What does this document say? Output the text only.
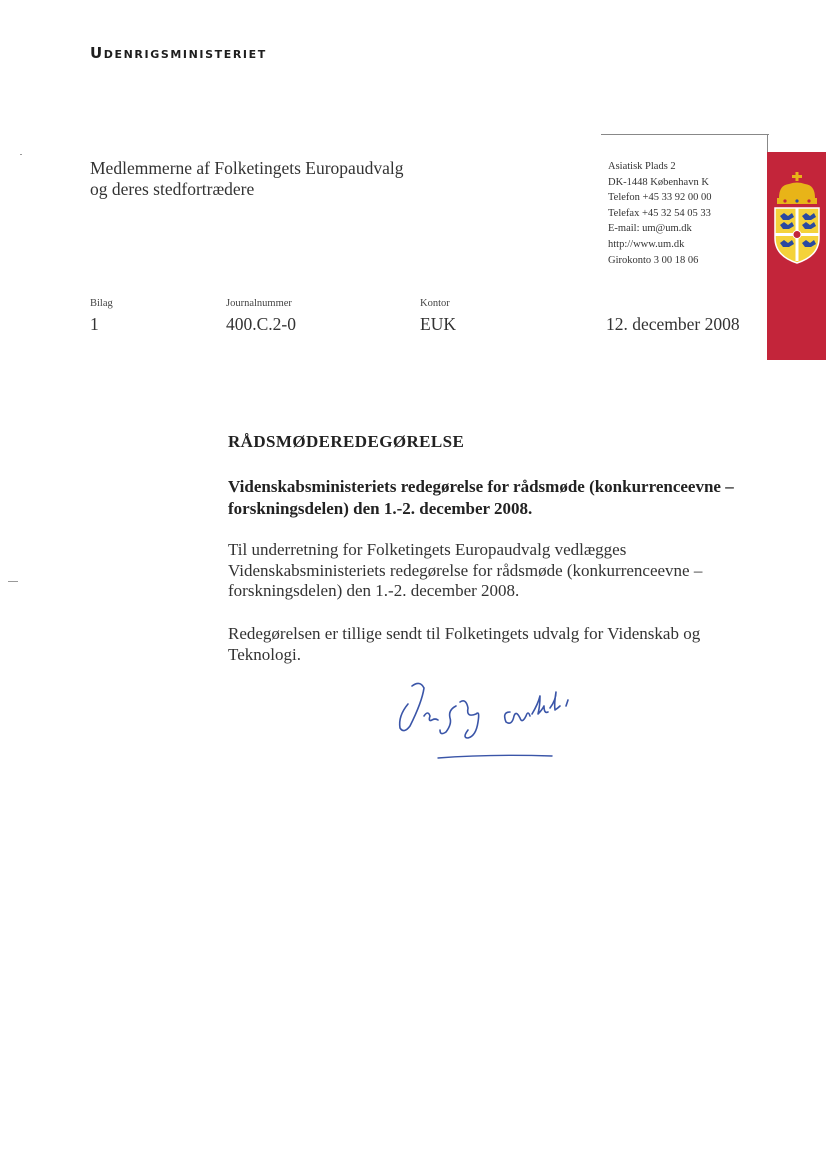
Udenrigsministeriet
Medlemmerne af Folketingets Europaudvalg
og deres stedfortrædere
Asiatisk Plads 2
DK-1448 København K
Telefon +45 33 92 00 00
Telefax +45 32 54 05 33
E-mail: um@um.dk
http://www.um.dk
Girokonto 3 00 18 06
Bilag
1
Journalnummer
400.C.2-0
Kontor
EUK	12. december 2008
RÅDSMØDEREDEGØRELSE
Videnskabsministeriets redegørelse for rådsmøde (konkurrenceevne – forskningsdelen) den 1.-2. december 2008.

Til underretning for Folketingets Europaudvalg vedlægges Videnskabsministeriets redegørelse for rådsmøde (konkurrenceevne – forskningsdelen) den 1.-2. december 2008.

Redegørelsen er tillige sendt til Folketingets udvalg for Videnskab og Teknologi.
